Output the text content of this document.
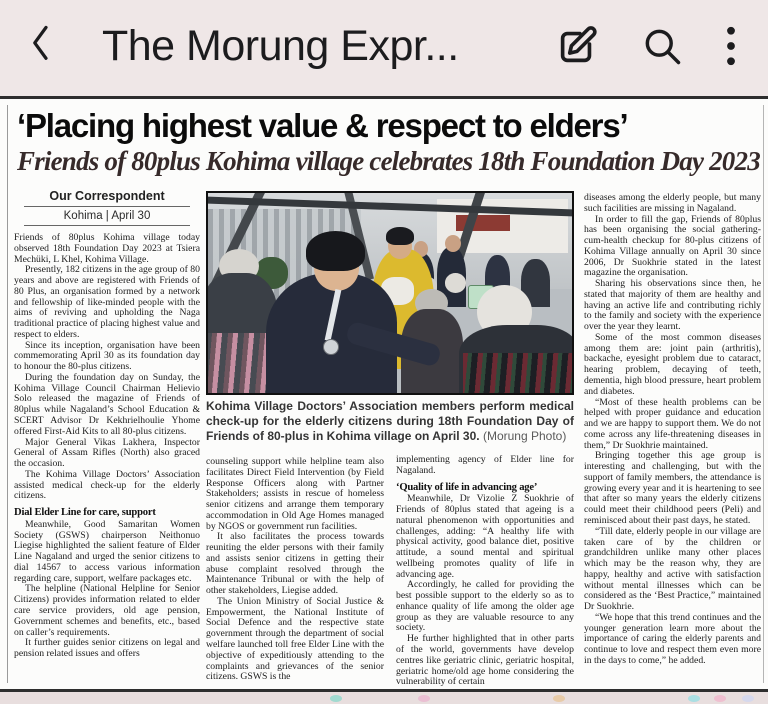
The Morung Expr...
‘Placing highest value & respect to elders’
Friends of 80plus Kohima village celebrates 18th Foundation Day 2023
Our Correspondent
Kohima | April 30

Friends of 80plus Kohima village today observed 18th Foundation Day 2023 at Tsiera Mechüki, L Khel, Kohima Village.

Presently, 182 citizens in the age group of 80 years and above are registered with Friends of 80 Plus, an organisation formed by a network and fellowship of like-minded people with the aims of reviving and upholding the Naga traditional practice of placing highest value and respect to elders.

Since its inception, organisation have been commemorating April 30 as its foundation day to honour the 80-plus citizens.

During the foundation day on Sunday, the Kohima Village Council Chairman Helievio Solo released the magazine of Friends of 80plus while Nagaland’s School Education & SCERT Advisor Dr Kekhrielhoulie Yhome offered First-Aid Kits to all 80-plus citizens.

Major General Vikas Lakhera, Inspector General of Assam Rifles (North) also graced the occasion.

The Kohima Village Doctors’ Association assisted medical check-up for the elderly citizens.

Dial Elder Line for care, support

Meanwhile, Good Samaritan Women Society (GSWS) chairperson Neithonuo Liegise highlighted the salient feature of Elder Line Nagaland and urged the senior citizens to dial 14567 to access various information regarding care, support, welfare packages etc.

The helpline (National Helpline for Senior Citizens) provides information related to elder care service providers, old age pension, Government schemes and benefits, etc., based on caller’s requirements.

It further guides senior citizens on legal and pension related issues and offers

Kohima Village Doctors’ Association members perform medical check-up for the elderly citizens during 18th Foundation Day of Friends of 80-plus in Kohima village on April 30. (Morung Photo)

counseling support while helpline team also facilitates Direct Field Intervention (by Field Response Officers along with Partner Stakeholders; assists in rescue of homeless senior citizens and arrange them temporary accommodation in Old Age Homes managed by NGOS or government run facilities.

It also facilitates the process towards reuniting the elder persons with their family and assists senior citizens in getting their abuse complaint resolved through the Maintenance Tribunal or with the help of other stakeholders, Liegise added.

The Union Ministry of Social Justice & Empowerment, the National Institute of Social Defence and the respective state government through the department of social welfare launched toll free Elder Line with the objective of expeditiously attending to the complaints and grievances of the senior citizens. GSWS is the

implementing agency of Elder line for Nagaland.

‘Quality of life in advancing age’

Meanwhile, Dr Vizolie Z Suokhrie of Friends of 80plus stated that ageing is a natural phenomenon with opportunities and challenges, adding: “A healthy life with physical activity, good balance diet, positive attitude, a sound mental and spiritual wellbeing promotes quality of life in advancing age.

Accordingly, he called for providing the best possible support to the elderly so as to enhance quality of life among the older age group as they are valuable resource to any society.

He further highlighted that in other parts of the world, governments have develop centres like geriatric clinic, geriatric hospital, geriatric home/old age home considering the vulnerability of certain

diseases among the elderly people, but many such facilities are missing in Nagaland.

In order to fill the gap, Friends of 80plus has been organising the social gathering-cum-health checkup for 80-plus citizens of Kohima Village annually on April 30 since 2006, Dr Suokhrie stated in the latest magazine the organisation.

Sharing his observations since then, he stated that majority of them are healthy and having an active life and contributing richly to the family and society with the experience over the year they learnt.

Some of the most common diseases among them are: joint pain (arthritis), backache, eyesight problem due to cataract, hearing problem, decaying of teeth, dementia, high blood pressure, heart problem and diabetes.

“Most of these health problems can be helped with proper guidance and education and we are happy to support them. We do not come across any life-threatening diseases in them,” Dr Suokhrie maintained.

Bringing together this age group is interesting and challenging, but with the support of family members, the attendance is growing every year and it is heartening to see that after so many years the elderly citizens could meet their childhood peers (Peli) and reminisced about their past days, he stated.

“Till date, elderly people in our village are taken care of by the children or grandchildren unlike many other places which may be the reason why, they are happy, healthy and active with satisfaction without mental illnesses which can be considered as the ‘Best Practice,” maintained Dr Suokhrie.

“We hope that this trend continues and the younger generation learn more about the importance of caring the elderly parents and continue to love and respect them even more in the days to come,” he added.
